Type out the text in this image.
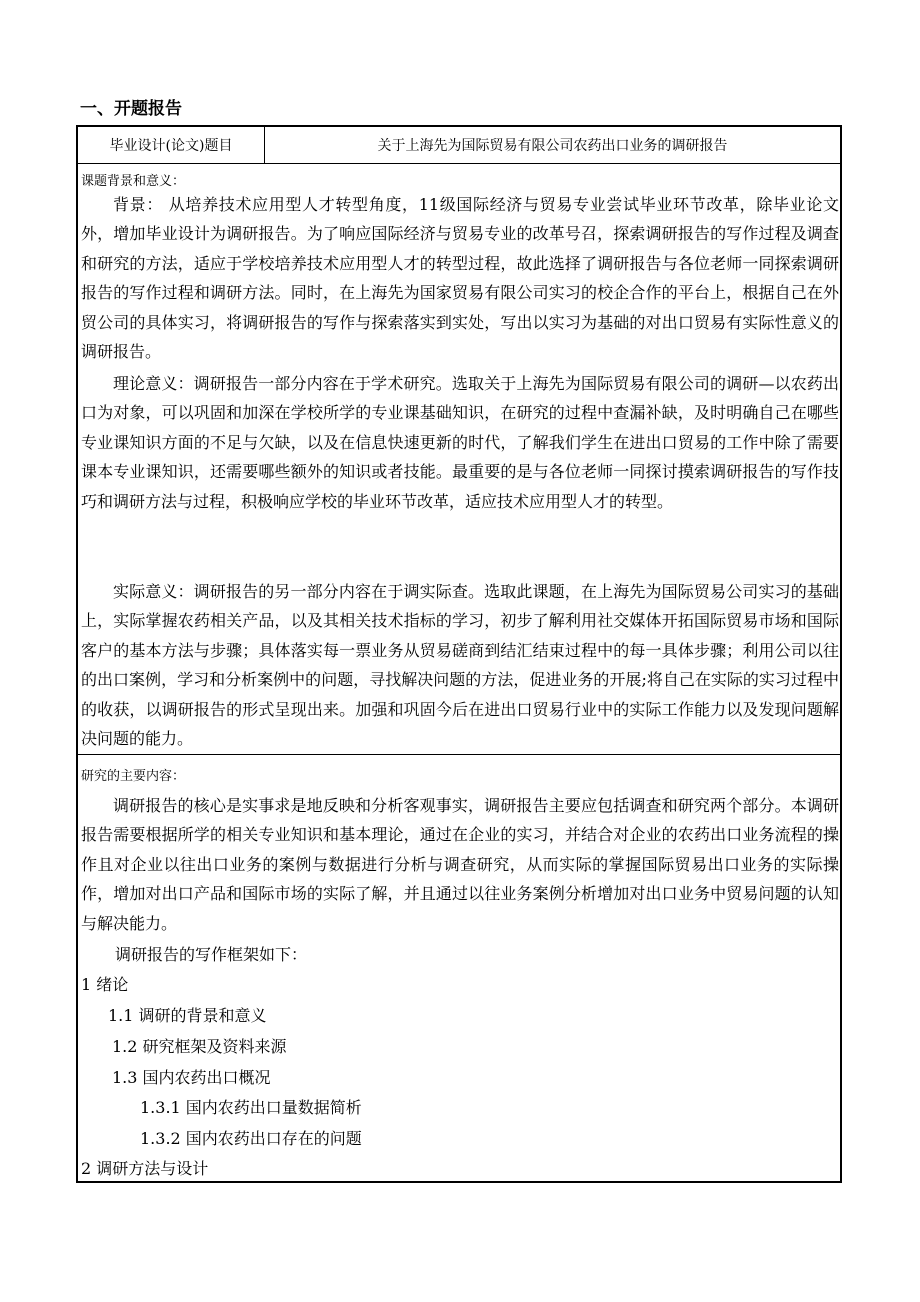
一、开题报告
毕业设计(论文)题目	关于上海先为国际贸易有限公司农药出口业务的调研报告
课题背景和意义：

背景： 从培养技术应用型人才转型角度，11级国际经济与贸易专业尝试毕业环节改革，除毕业论文外，增加毕业设计为调研报告。为了响应国际经济与贸易专业的改革号召，探索调研报告的写作过程及调查和研究的方法，适应于学校培养技术应用型人才的转型过程，故此选择了调研报告与各位老师一同探索调研报告的写作过程和调研方法。同时，在上海先为国家贸易有限公司实习的校企合作的平台上，根据自己在外贸公司的具体实习，将调研报告的写作与探索落实到实处，写出以实习为基础的对出口贸易有实际性意义的调研报告。

理论意义：调研报告一部分内容在于学术研究。选取关于上海先为国际贸易有限公司的调研—以农药出口为对象，可以巩固和加深在学校所学的专业课基础知识，在研究的过程中查漏补缺，及时明确自己在哪些专业课知识方面的不足与欠缺，以及在信息快速更新的时代，了解我们学生在进出口贸易的工作中除了需要课本专业课知识，还需要哪些额外的知识或者技能。最重要的是与各位老师一同探讨摸索调研报告的写作技巧和调研方法与过程，积极响应学校的毕业环节改革，适应技术应用型人才的转型。

实际意义：调研报告的另一部分内容在于调实际查。选取此课题，在上海先为国际贸易公司实习的基础上，实际掌握农药相关产品，以及其相关技术指标的学习，初步了解利用社交媒体开拓国际贸易市场和国际客户的基本方法与步骤；具体落实每一票业务从贸易磋商到结汇结束过程中的每一具体步骤；利用公司以往的出口案例，学习和分析案例中的问题，寻找解决问题的方法，促进业务的开展;将自己在实际的实习过程中的收获，以调研报告的形式呈现出来。加强和巩固今后在进出口贸易行业中的实际工作能力以及发现问题解决问题的能力。

研究的主要内容：

调研报告的核心是实事求是地反映和分析客观事实，调研报告主要应包括调查和研究两个部分。本调研报告需要根据所学的相关专业知识和基本理论，通过在企业的实习，并结合对企业的农药出口业务流程的操作且对企业以往出口业务的案例与数据进行分析与调查研究，从而实际的掌握国际贸易出口业务的实际操作，增加对出口产品和国际市场的实际了解，并且通过以往业务案例分析增加对出口业务中贸易问题的认知与解决能力。

调研报告的写作框架如下：
1 绪论
1.1 调研的背景和意义
1.2 研究框架及资料来源
1.3 国内农药出口概况
1.3.1 国内农药出口量数据简析
1.3.2 国内农药出口存在的问题
2 调研方法与设计
